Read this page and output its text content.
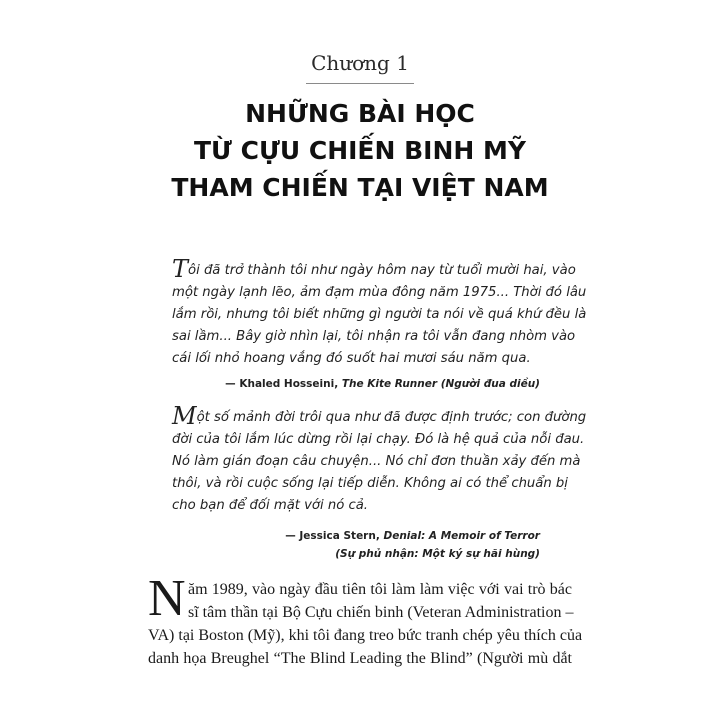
Chương 1
NHỮNG BÀI HỌC
TỪ CỰU CHIẾN BINH MỸ
THAM CHIẾN TẠI VIỆT NAM
Tôi đã trở thành tôi như ngày hôm nay từ tuổi mười hai, vào
một ngày lạnh lẽo, ảm đạm mùa đông năm 1975... Thời đó lâu
lắm rồi, nhưng tôi biết những gì người ta nói về quá khứ đều là
sai lầm... Bây giờ nhìn lại, tôi nhận ra tôi vẫn đang nhòm vào
cái lối nhỏ hoang vắng đó suốt hai mươi sáu năm qua.
— Khaled Hosseini, The Kite Runner (Người đua diều)
Một số mảnh đời trôi qua như đã được định trước; con đường
đời của tôi lắm lúc dừng rồi lại chạy. Đó là hệ quả của nỗi đau.
Nó làm gián đoạn câu chuyện... Nó chỉ đơn thuần xảy đến mà
thôi, và rồi cuộc sống lại tiếp diễn. Không ai có thể chuẩn bị
cho bạn để đối mặt với nó cả.
— Jessica Stern, Denial: A Memoir of Terror
(Sự phủ nhận: Một ký sự hãi hùng)
N ăm 1989, vào ngày đầu tiên tôi làm làm việc với vai trò bác
sĩ tâm thần tại Bộ Cựu chiến binh (Veteran Administration –
VA) tại Boston (Mỹ), khi tôi đang treo bức tranh chép yêu thích của
danh họa Breughel “The Blind Leading the Blind” (Người mù dắt
